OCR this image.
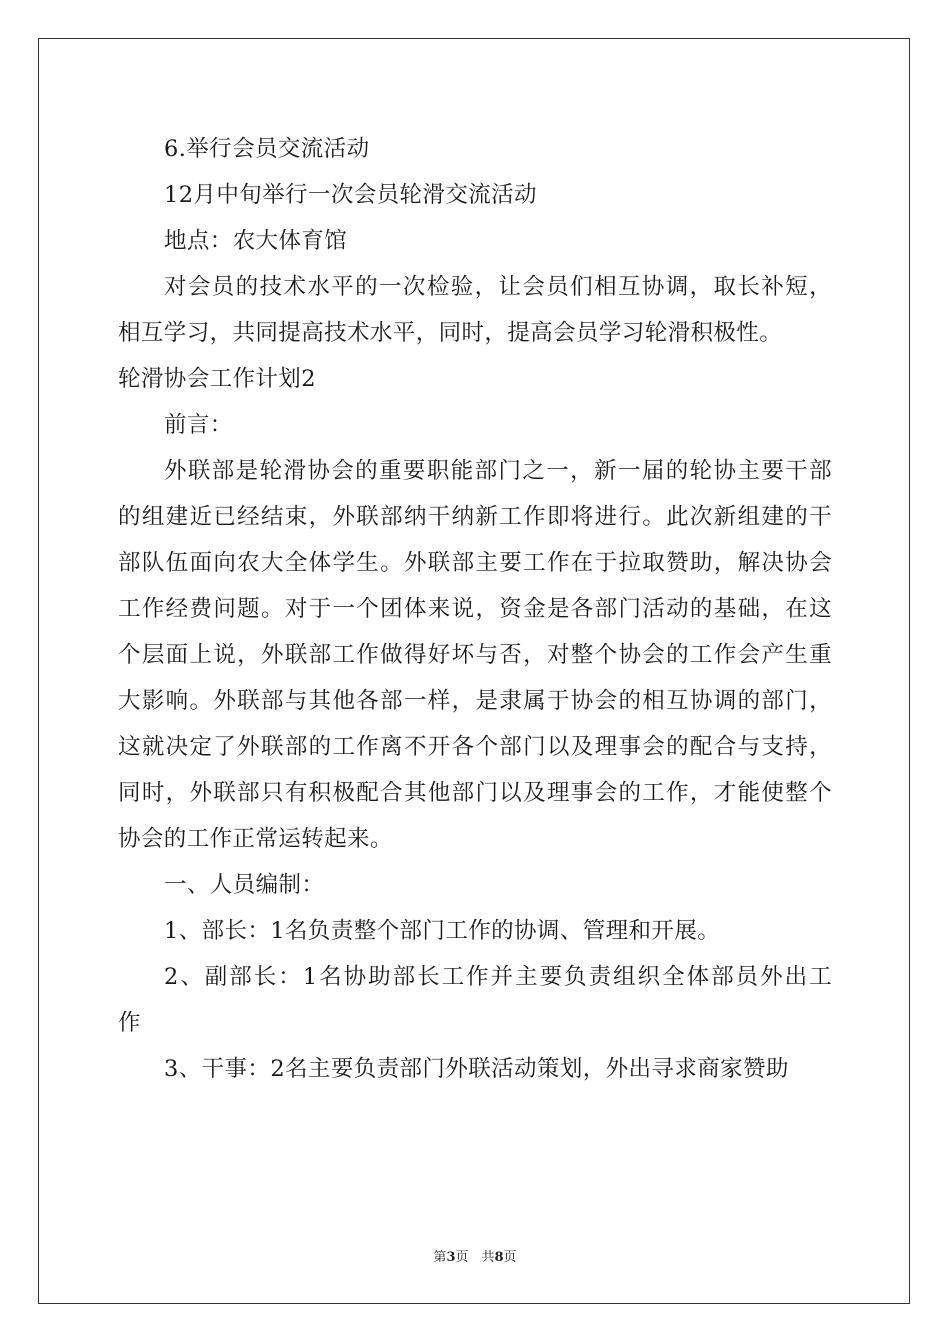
6.举行会员交流活动
12月中旬举行一次会员轮滑交流活动
地点：农大体育馆
对会员的技术水平的一次检验，让会员们相互协调，取长补短，
相互学习，共同提高技术水平，同时，提高会员学习轮滑积极性。
轮滑协会工作计划2
前言：
外联部是轮滑协会的重要职能部门之一，新一届的轮协主要干部
的组建近已经结束，外联部纳干纳新工作即将进行。此次新组建的干
部队伍面向农大全体学生。外联部主要工作在于拉取赞助，解决协会
工作经费问题。对于一个团体来说，资金是各部门活动的基础，在这
个层面上说，外联部工作做得好坏与否，对整个协会的工作会产生重
大影响。外联部与其他各部一样，是隶属于协会的相互协调的部门，
这就决定了外联部的工作离不开各个部门以及理事会的配合与支持，
同时，外联部只有积极配合其他部门以及理事会的工作，才能使整个
协会的工作正常运转起来。
一、人员编制：
1、部长：1名负责整个部门工作的协调、管理和开展。
2、副部长：1名协助部长工作并主要负责组织全体部员外出工
作
3、干事：2名主要负责部门外联活动策划，外出寻求商家赞助
第3页　共8页
